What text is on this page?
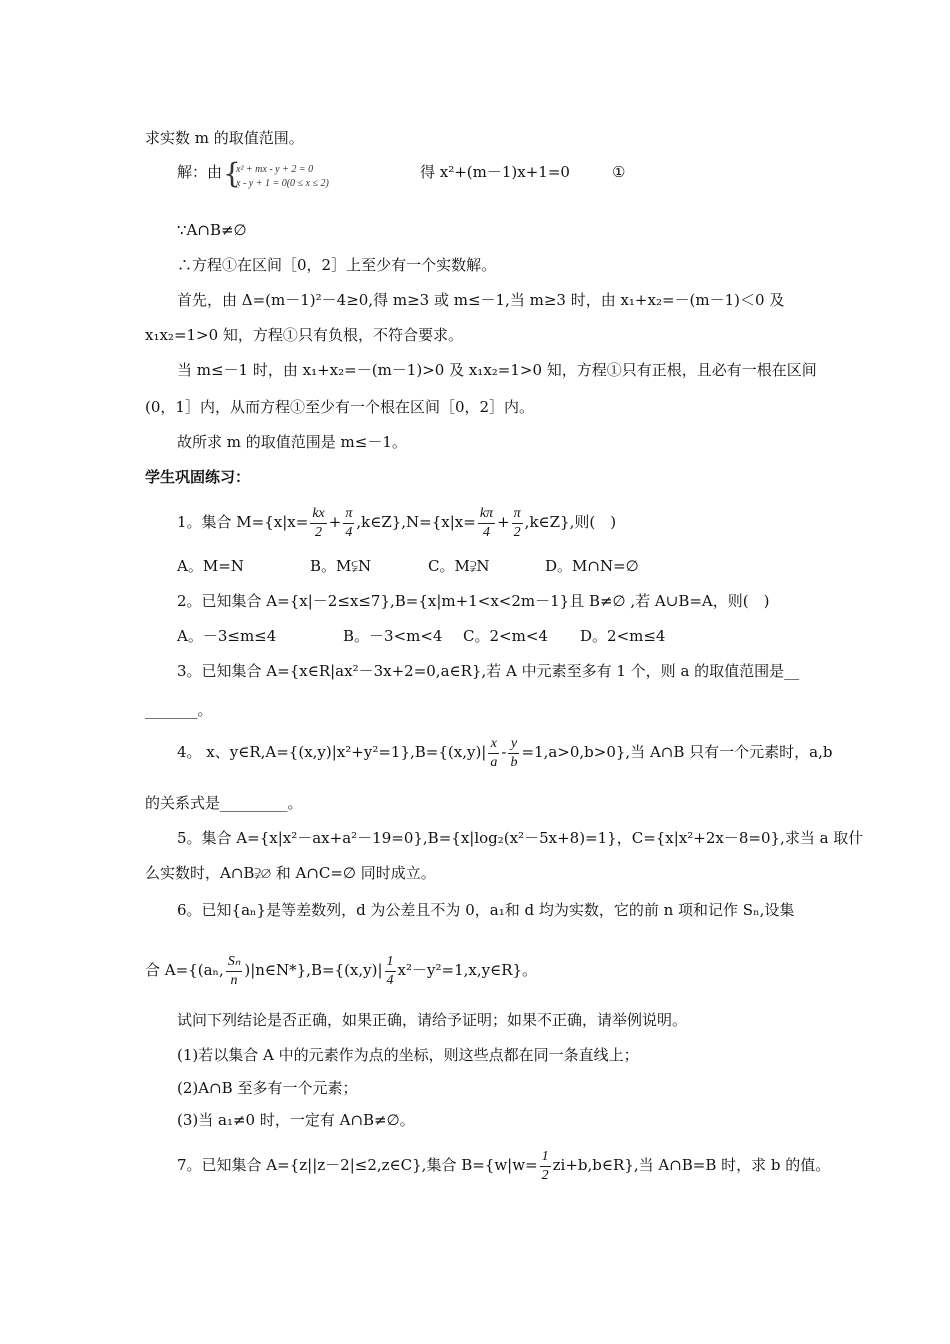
求实数 m 的取值范围。
解：由 {
x² + mx - y + 2 = 0
x - y + 1 = 0(0 ≤ x ≤ 2)
得 x²+(m－1)x+1=0	①
∵A∩B≠∅
∴方程①在区间［0，2］上至少有一个实数解。
首先，由 Δ=(m－1)²－4≥0,得 m≥3 或 m≤－1,当 m≥3 时，由 x₁+x₂=－(m－1)＜0 及
x₁x₂=1>0 知，方程①只有负根，不符合要求。
当 m≤－1 时，由 x₁+x₂=－(m－1)>0 及 x₁x₂=1>0 知，方程①只有正根，且必有一根在区间
(0，1］内，从而方程①至少有一个根在区间［0，2］内。
故所求 m 的取值范围是 m≤－1。
学生巩固练习：
1。集合 $M=\{x|x= \frac{kx}{2} + \frac{\pi}{4}$ ,k∈Z},N={x|x= $\frac{k\pi}{4} + \frac{\pi}{2}$ ,k∈Z},则(　)
A。M=N	B。M⫋N	C。M⫌N	D。M∩N=∅
2。已知集合 A={x|－2≤x≤7},B={x|m+1<x<2m－1}且 B≠∅ ,若 A∪B=A，则(　)
A。－3≤m≤4	B。－3<m<4 C。2<m<4 D。2<m≤4
3。已知集合 A={x∈R|ax²－3x+2=0,a∈R},若 A 中元素至多有 1 个，则 a 的取值范围是__
_______。
4。 x、y∈R,A={(x,y)|x²+y²=1},B={(x,y)| $\frac{x}{a} - \frac{y}{b} =1,a>0,b>0$},当 A∩B 只有一个元素时，a,b
的关系式是_________。
5。集合 A={x|x²－ax+a²－19=0},B={x|log₂(x²－5x+8)=1}，C={x|x²+2x－8=0},求当 a 取什
么实数时，A∩B⫌∅ 和 A∩C=∅ 同时成立。
6。已知{aₙ}是等差数列，d 为公差且不为 0，a₁和 d 均为实数，它的前 n 项和记作 Sₙ,设集
合 A={(aₙ, $\frac{\text{Sₙ}}{n}$ )|n∈N*},B={(x,y)| $\frac{1}{4}$ x²－y²=1,x,y∈R}。
试问下列结论是否正确，如果正确，请给予证明；如果不正确，请举例说明。
(1)若以集合 A 中的元素作为点的坐标，则这些点都在同一条直线上；
(2)A∩B 至多有一个元素；
(3)当 a₁≠0 时，一定有 A∩B≠∅。
7。已知集合 A={z||z－2|≤2,z∈C},集合 $B=\{w|w= \frac{1}{2}$ zi+b,b∈R},当 A∩B=B 时，求 b 的值。
